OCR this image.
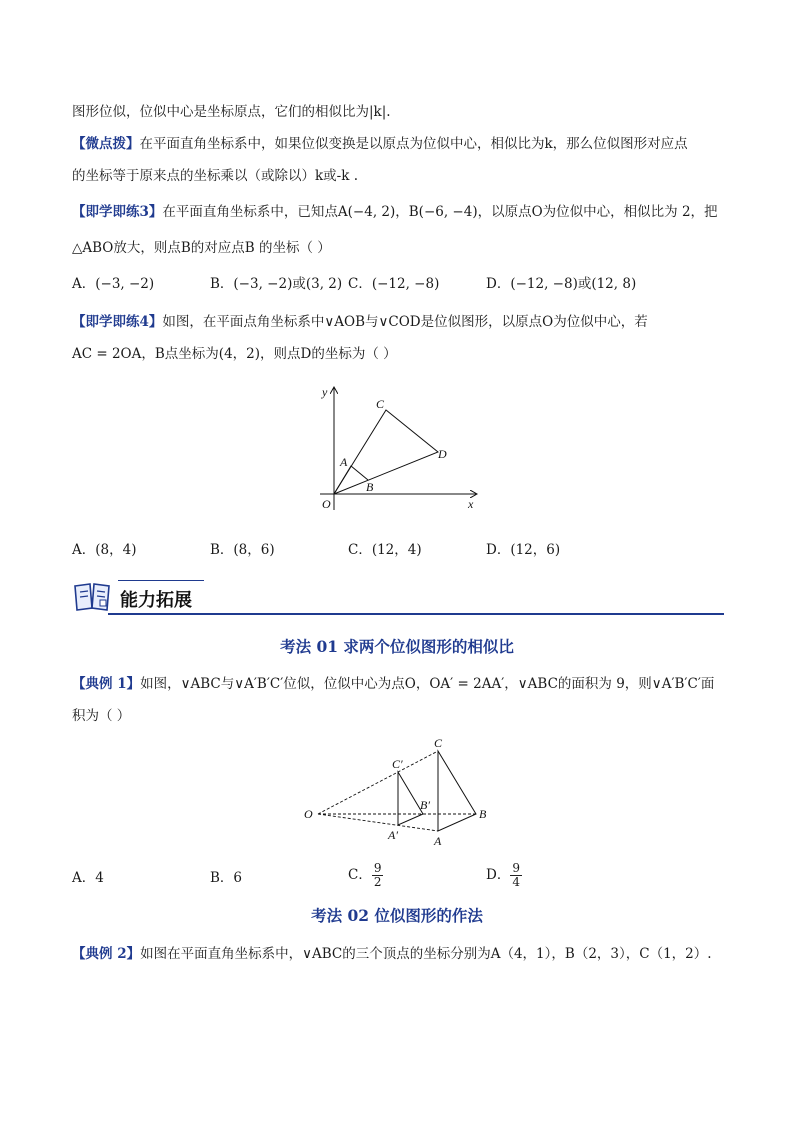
图形位似，位似中心是坐标原点，它们的相似比为|k|.
【微点拨】在平面直角坐标系中，如果位似变换是以原点为位似中心，相似比为k，那么位似图形对应点
的坐标等于原来点的坐标乘以（或除以）k或-k .
【即学即练3】在平面直角坐标系中，已知点A(−4, 2)，B(−6, −4)，以原点O为位似中心，相似比为 2，把
△ABO放大，则点B的对应点B 的坐标（ ）
A．(−3, −2)	B．(−3, −2)或(3, 2) C．(−12, −8)	D．(−12, −8)或(12, 8)
【即学即练4】如图，在平面点角坐标系中∨AOB与∨COD是位似图形，以原点O为位似中心，若
AC = 2OA，B点坐标为(4，2)，则点D的坐标为（ ）
y
x
O
A
B
C
D
A．(8，4)	B．(8，6)	C．(12，4)	D．(12，6)
能力拓展
考法 01 求两个位似图形的相似比
【典例 1】如图，∨ABC与∨A′B′C′位似，位似中心为点O，OA′ = 2AA′，∨ABC的面积为 9，则∨A′B′C′面
积为（ ）
O
C
B
A
C′
B′
A′
A．4	B．6	C． $\frac{9}{2}$	D． $\frac{9}{4}$
考法 02 位似图形的作法
【典例 2】如图在平面直角坐标系中，∨ABC的三个顶点的坐标分别为A（4，1），B（2，3），C（1，2）.
